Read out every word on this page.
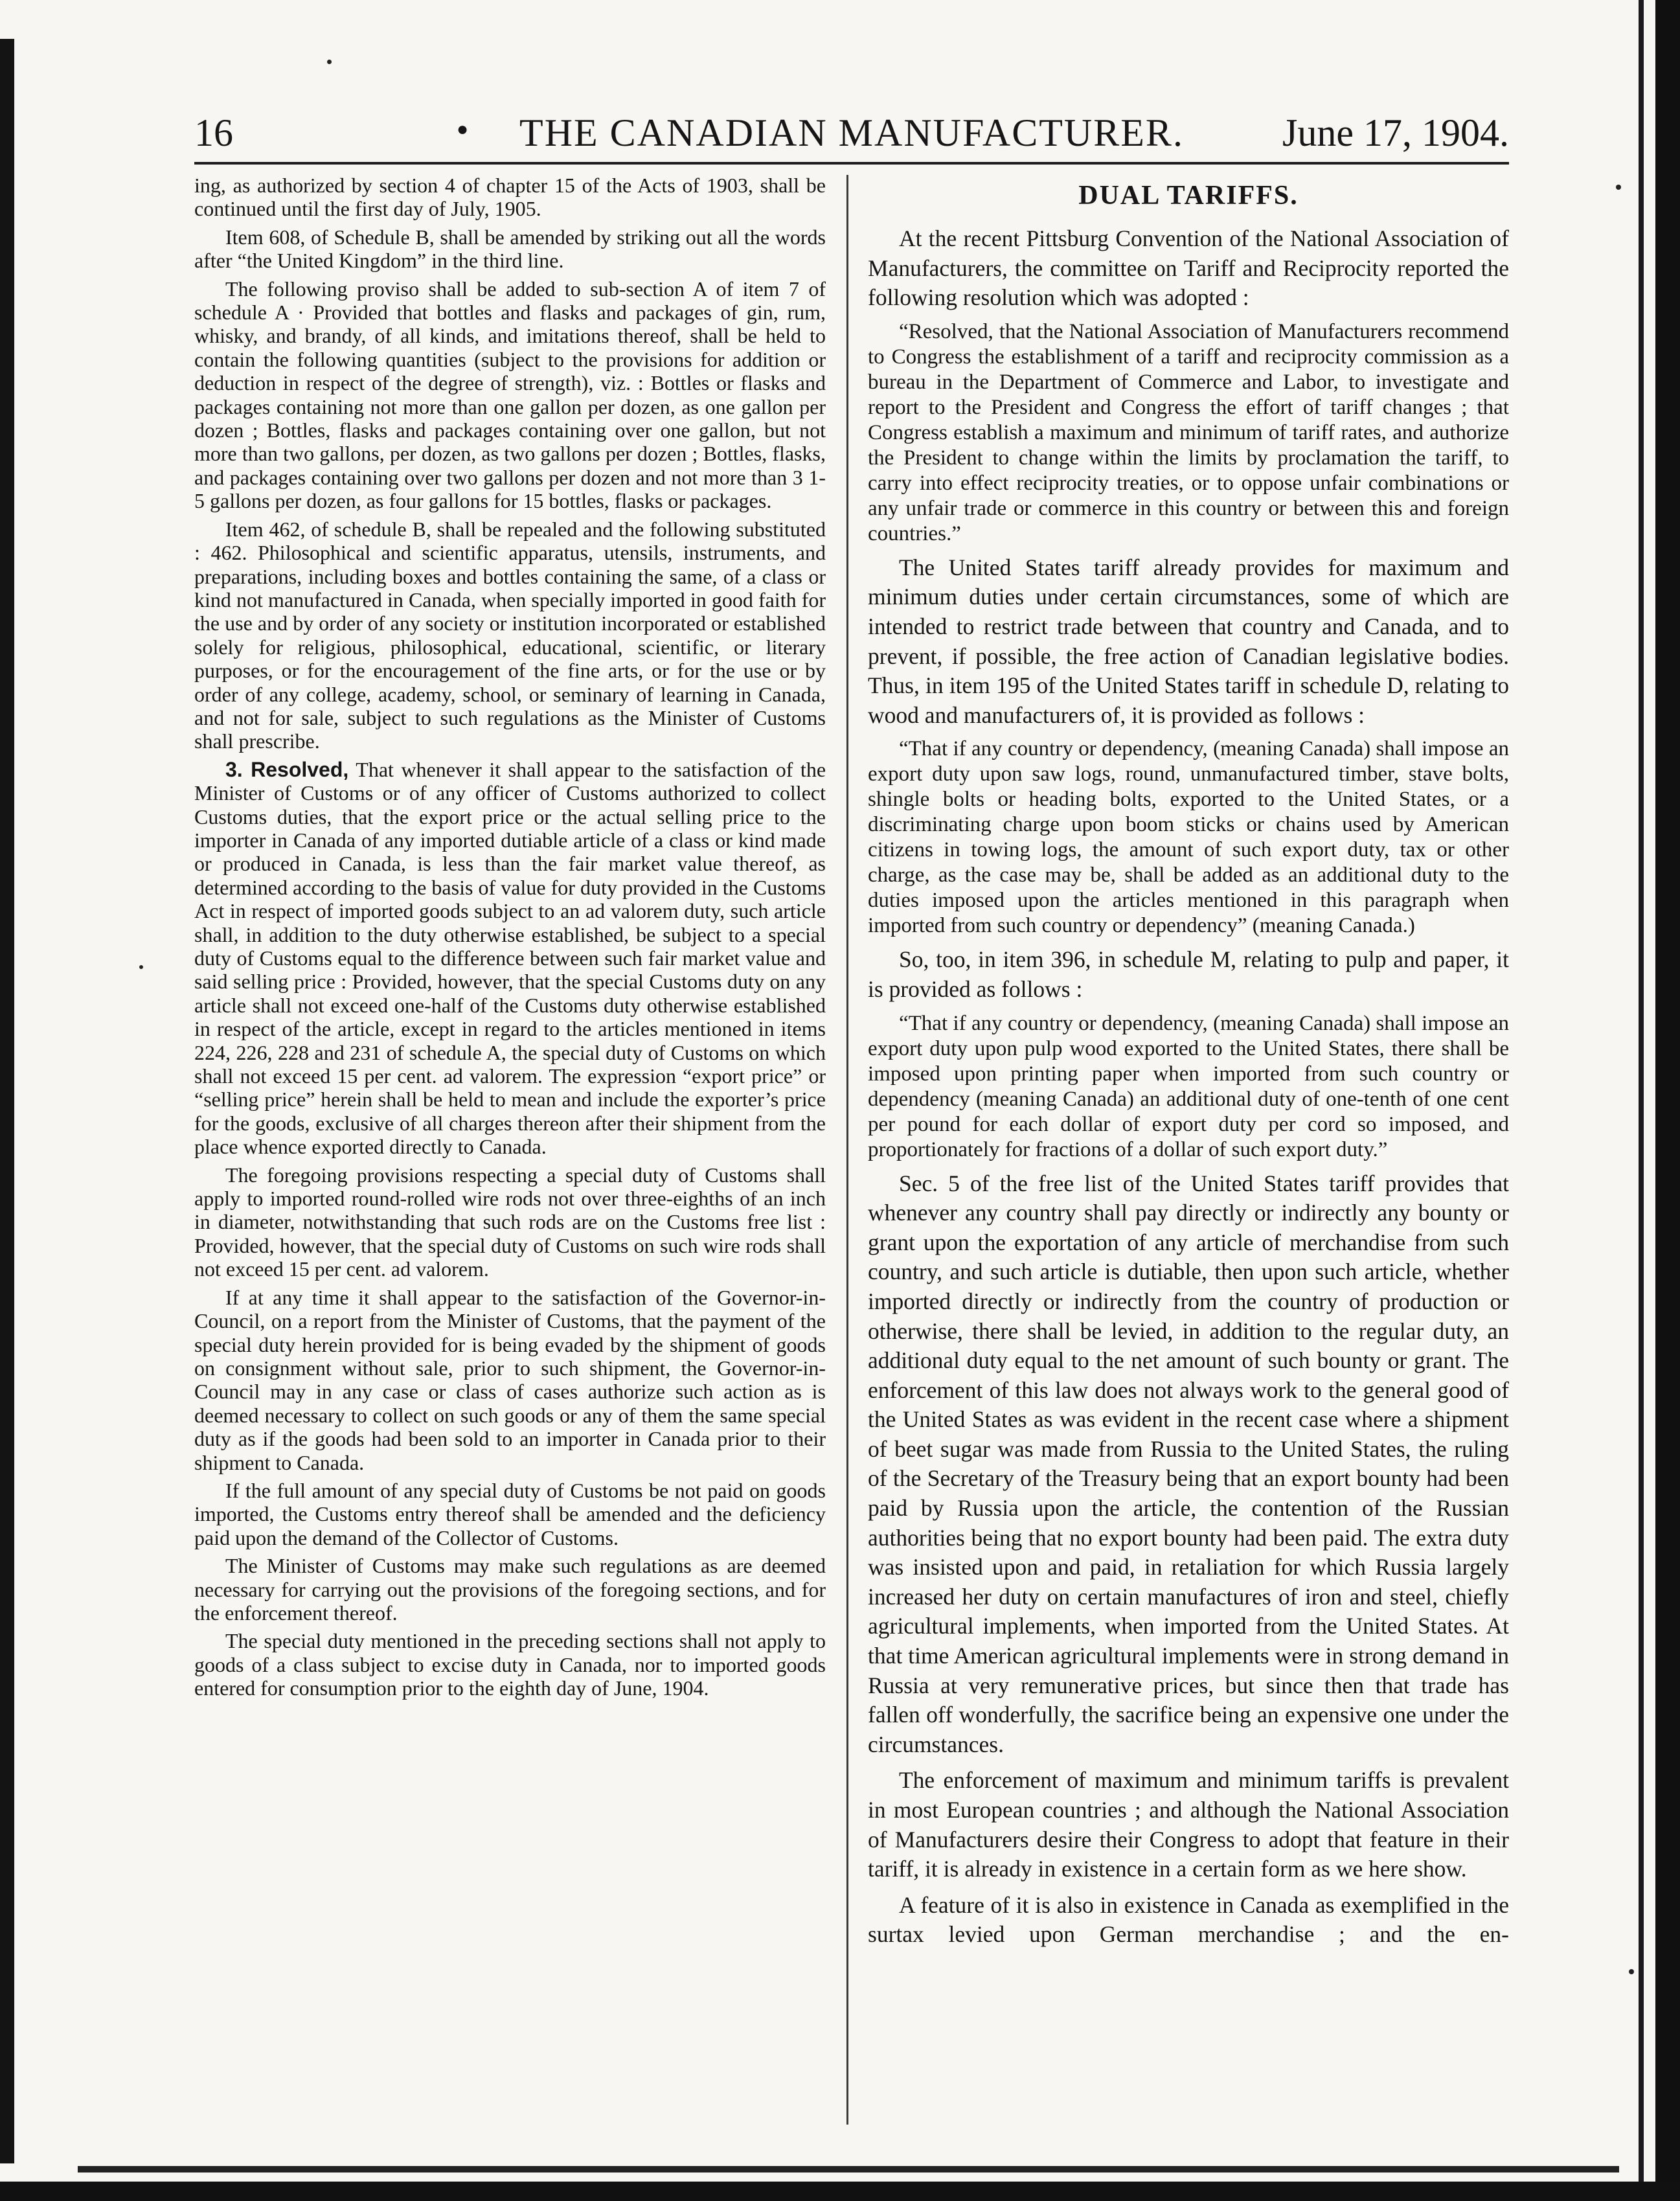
16	THE CANADIAN MANUFACTURER.	June 17, 1904.
●

ing, as authorized by section 4 of chapter 15 of the Acts of 1903, shall be continued until the first day of July, 1905.

Item 608, of Schedule B, shall be amended by striking out all the words after “the United Kingdom” in the third line.

The following proviso shall be added to sub-section A of item 7 of schedule A · Provided that bottles and flasks and packages of gin, rum, whisky, and brandy, of all kinds, and imitations thereof, shall be held to contain the following quantities (subject to the provisions for addition or deduction in respect of the degree of strength), viz. : Bottles or flasks and packages containing not more than one gallon per dozen, as one gallon per dozen ; Bottles, flasks and packages containing over one gallon, but not more than two gallons, per dozen, as two gallons per dozen ; Bottles, flasks, and packages containing over two gallons per dozen and not more than 3 1-5 gallons per dozen, as four gallons for 15 bottles, flasks or packages.

Item 462, of schedule B, shall be repealed and the following substituted : 462. Philosophical and scientific apparatus, utensils, instruments, and preparations, including boxes and bottles containing the same, of a class or kind not manufactured in Canada, when specially imported in good faith for the use and by order of any society or institution incorporated or established solely for religious, philosophical, educational, scientific, or literary purposes, or for the encouragement of the fine arts, or for the use or by order of any college, academy, school, or seminary of learning in Canada, and not for sale, subject to such regulations as the Minister of Customs shall prescribe.

3. Resolved, That whenever it shall appear to the satisfaction of the Minister of Customs or of any officer of Customs authorized to collect Customs duties, that the export price or the actual selling price to the importer in Canada of any imported dutiable article of a class or kind made or produced in Canada, is less than the fair market value thereof, as determined according to the basis of value for duty provided in the Customs Act in respect of imported goods subject to an ad valorem duty, such article shall, in addition to the duty otherwise established, be subject to a special duty of Customs equal to the difference between such fair market value and said selling price : Provided, however, that the special Customs duty on any article shall not exceed one-half of the Customs duty otherwise established in respect of the article, except in regard to the articles mentioned in items 224, 226, 228 and 231 of schedule A, the special duty of Customs on which shall not exceed 15 per cent. ad valorem. The expression “export price” or “selling price” herein shall be held to mean and include the exporter’s price for the goods, exclusive of all charges thereon after their shipment from the place whence exported directly to Canada.

The foregoing provisions respecting a special duty of Customs shall apply to imported round-rolled wire rods not over three-eighths of an inch in diameter, notwithstanding that such rods are on the Customs free list : Provided, however, that the special duty of Customs on such wire rods shall not exceed 15 per cent. ad valorem.

If at any time it shall appear to the satisfaction of the Governor-in-Council, on a report from the Minister of Customs, that the payment of the special duty herein provided for is being evaded by the shipment of goods on consignment without sale, prior to such shipment, the Governor-in-Council may in any case or class of cases authorize such action as is deemed necessary to collect on such goods or any of them the same special duty as if the goods had been sold to an importer in Canada prior to their shipment to Canada.

If the full amount of any special duty of Customs be not paid on goods imported, the Customs entry thereof shall be amended and the deficiency paid upon the demand of the Collector of Customs.

The Minister of Customs may make such regulations as are deemed necessary for carrying out the provisions of the foregoing sections, and for the enforcement thereof.

The special duty mentioned in the preceding sections shall not apply to goods of a class subject to excise duty in Canada, nor to imported goods entered for consumption prior to the eighth day of June, 1904.

DUAL TARIFFS.

At the recent Pittsburg Convention of the National Association of Manufacturers, the committee on Tariff and Reciprocity reported the following resolution which was adopted :

“Resolved, that the National Association of Manufacturers recommend to Congress the establishment of a tariff and reciprocity commission as a bureau in the Department of Commerce and Labor, to investigate and report to the President and Congress the effort of tariff changes ; that Congress establish a maximum and minimum of tariff rates, and authorize the President to change within the limits by proclamation the tariff, to carry into effect reciprocity treaties, or to oppose unfair combinations or any unfair trade or commerce in this country or between this and foreign countries.”

The United States tariff already provides for maximum and minimum duties under certain circumstances, some of which are intended to restrict trade between that country and Canada, and to prevent, if possible, the free action of Canadian legislative bodies. Thus, in item 195 of the United States tariff in schedule D, relating to wood and manufacturers of, it is provided as follows :

“That if any country or dependency, (meaning Canada) shall impose an export duty upon saw logs, round, unmanufactured timber, stave bolts, shingle bolts or heading bolts, exported to the United States, or a discriminating charge upon boom sticks or chains used by American citizens in towing logs, the amount of such export duty, tax or other charge, as the case may be, shall be added as an additional duty to the duties imposed upon the articles mentioned in this paragraph when imported from such country or dependency” (meaning Canada.)

So, too, in item 396, in schedule M, relating to pulp and paper, it is provided as follows :

“That if any country or dependency, (meaning Canada) shall impose an export duty upon pulp wood exported to the United States, there shall be imposed upon printing paper when imported from such country or dependency (meaning Canada) an additional duty of one-tenth of one cent per pound for each dollar of export duty per cord so imposed, and proportionately for fractions of a dollar of such export duty.”

Sec. 5 of the free list of the United States tariff provides that whenever any country shall pay directly or indirectly any bounty or grant upon the exportation of any article of merchandise from such country, and such article is dutiable, then upon such article, whether imported directly or indirectly from the country of production or otherwise, there shall be levied, in addition to the regular duty, an additional duty equal to the net amount of such bounty or grant. The enforcement of this law does not always work to the general good of the United States as was evident in the recent case where a shipment of beet sugar was made from Russia to the United States, the ruling of the Secretary of the Treasury being that an export bounty had been paid by Russia upon the article, the contention of the Russian authorities being that no export bounty had been paid. The extra duty was insisted upon and paid, in retaliation for which Russia largely increased her duty on certain manufactures of iron and steel, chiefly agricultural implements, when imported from the United States. At that time American agricultural implements were in strong demand in Russia at very remunerative prices, but since then that trade has fallen off wonderfully, the sacrifice being an expensive one under the circumstances.

The enforcement of maximum and minimum tariffs is prevalent in most European countries ; and although the National Association of Manufacturers desire their Congress to adopt that feature in their tariff, it is already in existence in a certain form as we here show.

A feature of it is also in existence in Canada as exemplified in the surtax levied upon German merchandise ; and the en-
